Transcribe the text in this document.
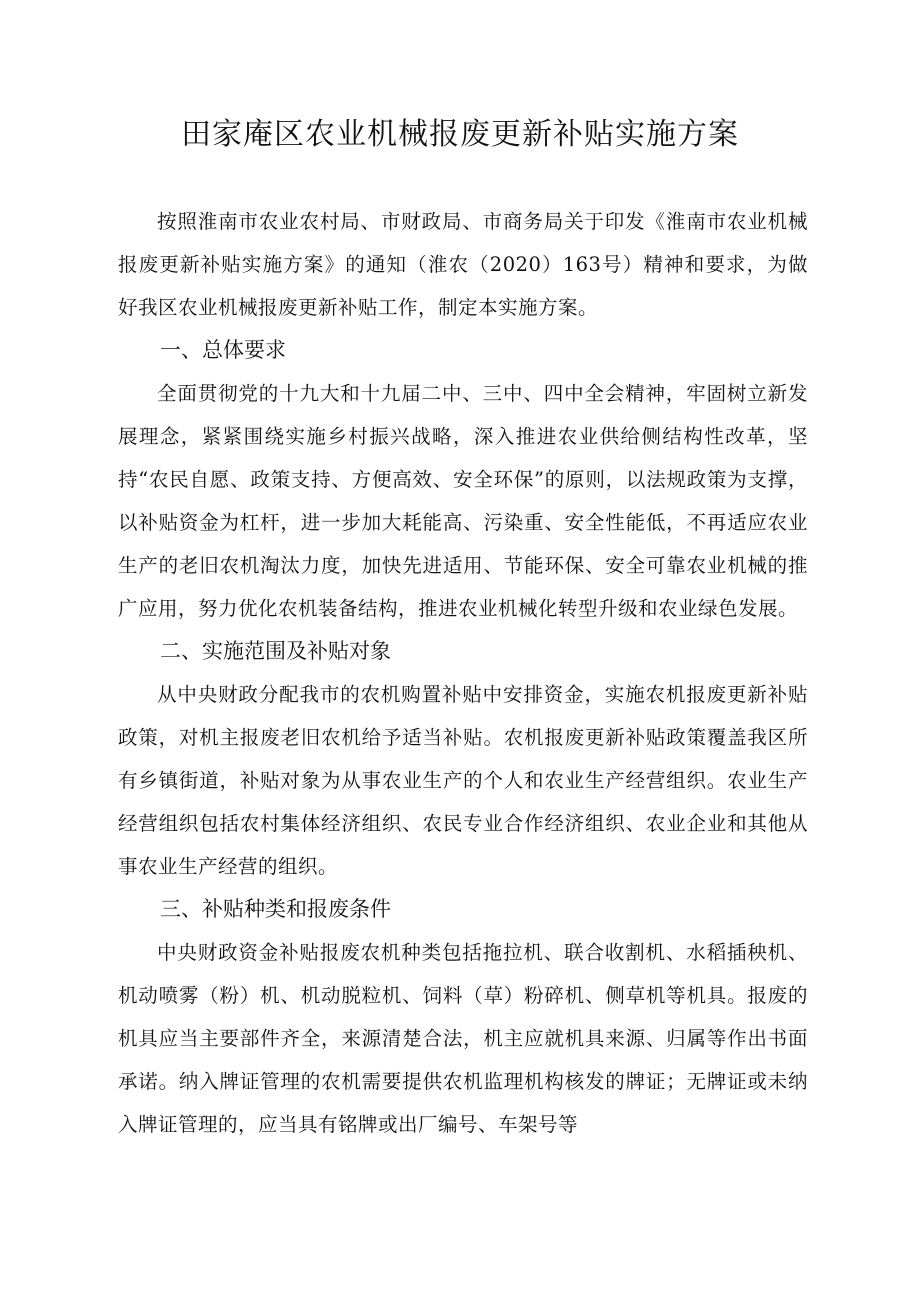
田家庵区农业机械报废更新补贴实施方案

按照淮南市农业农村局、市财政局、市商务局关于印发《淮南市农业机械报废更新补贴实施方案》的通知（淮农（2020）163号）精神和要求，为做好我区农业机械报废更新补贴工作，制定本实施方案。

一、总体要求

全面贯彻党的十九大和十九届二中、三中、四中全会精神，牢固树立新发展理念，紧紧围绕实施乡村振兴战略，深入推进农业供给侧结构性改革，坚持“农民自愿、政策支持、方便高效、安全环保”的原则，以法规政策为支撑，以补贴资金为杠杆，进一步加大耗能高、污染重、安全性能低，不再适应农业生产的老旧农机淘汰力度，加快先进适用、节能环保、安全可靠农业机械的推广应用，努力优化农机装备结构，推进农业机械化转型升级和农业绿色发展。

二、实施范围及补贴对象

从中央财政分配我市的农机购置补贴中安排资金，实施农机报废更新补贴政策，对机主报废老旧农机给予适当补贴。农机报废更新补贴政策覆盖我区所有乡镇街道，补贴对象为从事农业生产的个人和农业生产经营组织。农业生产经营组织包括农村集体经济组织、农民专业合作经济组织、农业企业和其他从事农业生产经营的组织。

三、补贴种类和报废条件

中央财政资金补贴报废农机种类包括拖拉机、联合收割机、水稻插秧机、机动喷雾（粉）机、机动脱粒机、饲料（草）粉碎机、侧草机等机具。报废的机具应当主要部件齐全，来源清楚合法，机主应就机具来源、归属等作出书面承诺。纳入牌证管理的农机需要提供农机监理机构核发的牌证；无牌证或未纳入牌证管理的，应当具有铭牌或出厂编号、车架号等
